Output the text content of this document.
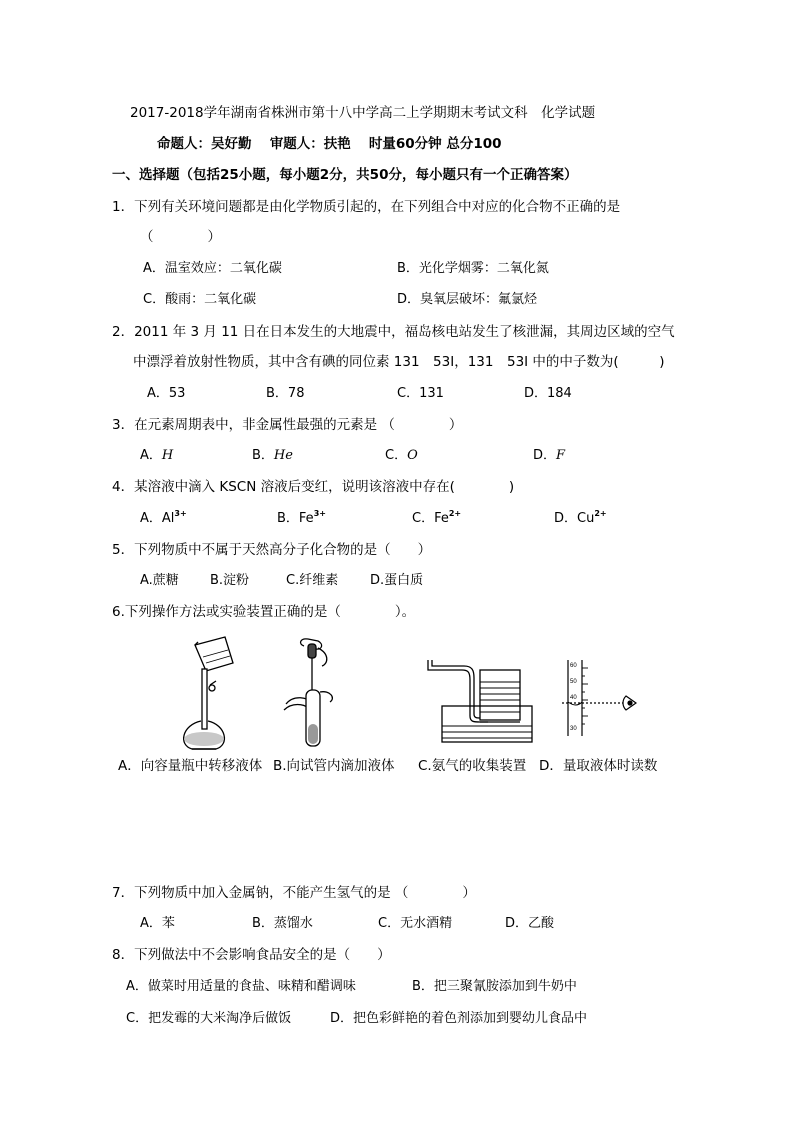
2017-2018学年湖南省株洲市第十八中学高二上学期期末考试文科　化学试题
命题人：吴好勤　 审题人：扶艳　 时量60分钟 总分100
一、选择题（包括25小题，每小题2分，共50分，每小题只有一个正确答案）
1．下列有关环境问题都是由化学物质引起的，在下列组合中对应的化合物不正确的是
（　　　　）
A．温室效应：二氧化碳	B．光化学烟雾：二氧化氮
C．酸雨：二氧化碳	D．臭氧层破坏：氟氯烃
2．2011 年 3 月 11 日在日本发生的大地震中，福岛核电站发生了核泄漏，其周边区域的空气
中漂浮着放射性物质，其中含有碘的同位素 131　53I，131　53I 中的中子数为(　　　)
A．53	B．78	C．131	D．184
3．在元素周期表中，非金属性最强的元素是 （　　　　）
A．H	B．He	C．O	D．F
4．某溶液中滴入 KSCN 溶液后变红，说明该溶液中存在(　　　　)
A．$Al^{3+}$	B．$Fe^{3+}$	C．$Fe^{2+}$	D．$Cu^{2+}$
5．下列物质中不属于天然高分子化合物的是（　　）
A.蔗糖 B.淀粉	C.纤维素 D.蛋白质
6.下列操作方法或实验装置正确的是（　　　　）。
60
50
40
30
A．向容量瓶中转移液体 B.向试管内滴加液体 C.氨气的收集装置 D．量取液体时读数
7．下列物质中加入金属钠，不能产生氢气的是 （　　　　）
A．苯	B．蒸馏水	C．无水酒精	D．乙酸
8．下列做法中不会影响食品安全的是（　　）
A．做菜时用适量的食盐、味精和醋调味	B．把三聚氰胺添加到牛奶中
C．把发霉的大米淘净后做饭	D．把色彩鲜艳的着色剂添加到婴幼儿食品中
